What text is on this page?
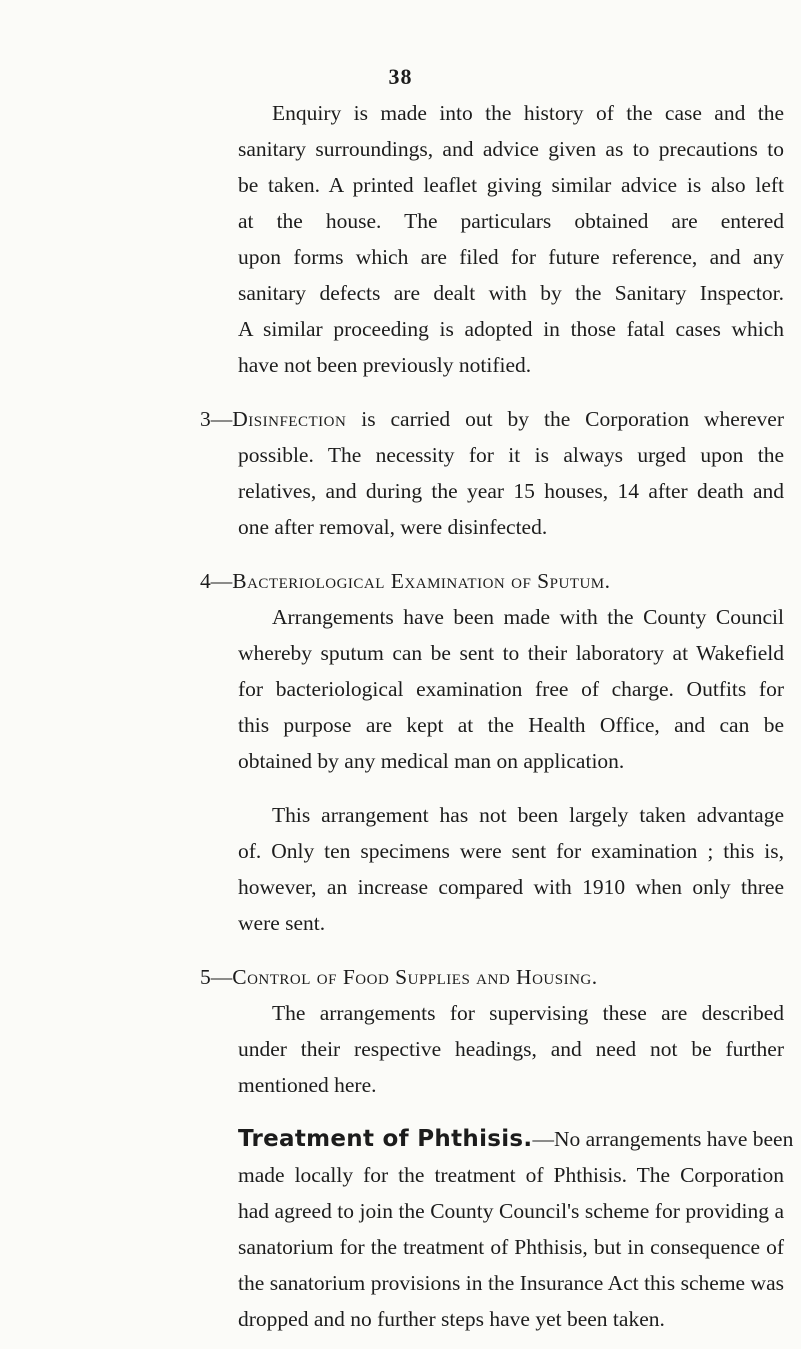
38
Enquiry is made into the history of the case and the
sanitary surroundings, and advice given as to precautions to
be taken. A printed leaflet giving similar advice is also left
at the house. The particulars obtained are entered
upon forms which are filed for future reference, and any
sanitary defects are dealt with by the Sanitary Inspector.
A similar proceeding is adopted in those fatal cases which
have not been previously notified.
3—Disinfection is carried out by the Corporation wherever
possible. The necessity for it is always urged upon the
relatives, and during the year 15 houses, 14 after death and
one after removal, were disinfected.
4—Bacteriological Examination of Sputum.
Arrangements have been made with the County Council
whereby sputum can be sent to their laboratory at Wakefield
for bacteriological examination free of charge. Outfits for
this purpose are kept at the Health Office, and can be
obtained by any medical man on application.
This arrangement has not been largely taken advantage
of. Only ten specimens were sent for examination ; this is,
however, an increase compared with 1910 when only three
were sent.
5—Control of Food Supplies and Housing.
The arrangements for supervising these are described
under their respective headings, and need not be further
mentioned here.
Treatment of Phthisis.—No arrangements have been
made locally for the treatment of Phthisis. The Corporation
had agreed to join the County Council's scheme for providing a
sanatorium for the treatment of Phthisis, but in consequence of
the sanatorium provisions in the Insurance Act this scheme was
dropped and no further steps have yet been taken.
